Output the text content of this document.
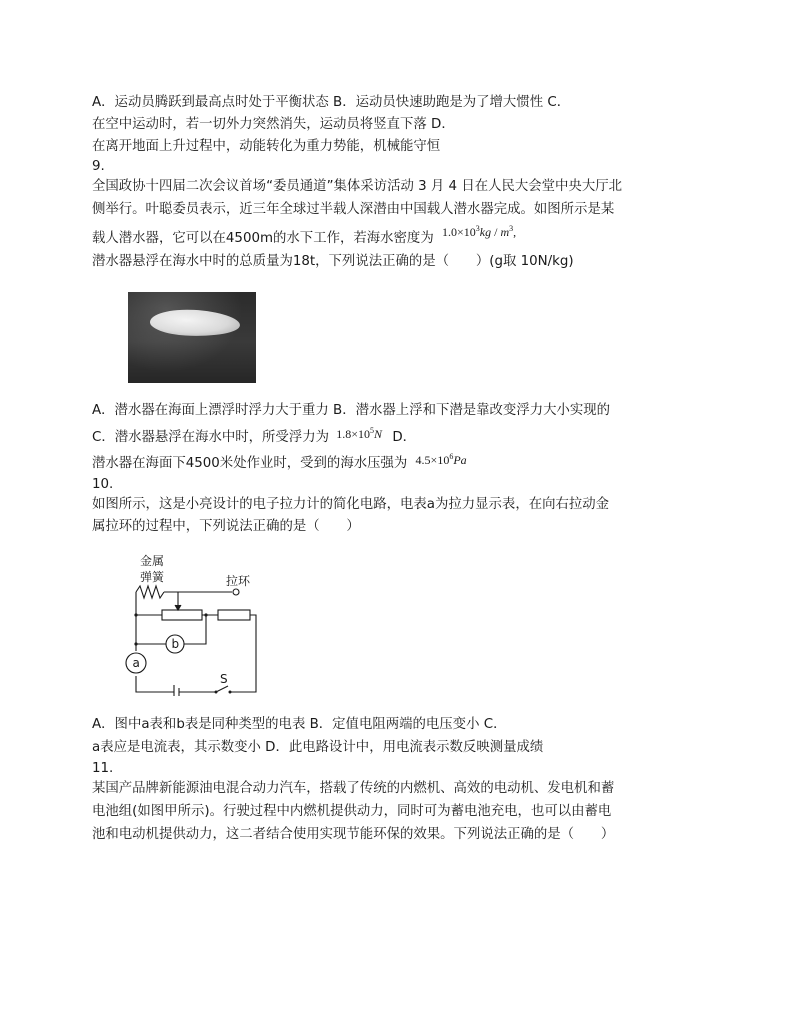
A．运动员腾跃到最高点时处于平衡状态 B．运动员快速助跑是为了增大惯性 C．
在空中运动时，若一切外力突然消失，运动员将竖直下落 D．
在离开地面上升过程中，动能转化为重力势能，机械能守恒
9.
全国政协十四届二次会议首场“委员通道”集体采访活动 3 月 4 日在人民大会堂中央大厅北
侧举行。叶聪委员表示，近三年全球过半载人深潜由中国载人潜水器完成。如图所示是某
载人潜水器，它可以在4500m的水下工作，若海水密度为 $1.0\times 10^3kg / m^3$,
潜水器悬浮在海水中时的总质量为18t，下列说法正确的是（　　）(g取 10N/kg)
A．潜水器在海面上漂浮时浮力大于重力 B．潜水器上浮和下潜是靠改变浮力大小实现的
C．潜水器悬浮在海水中时，所受浮力为 $1.8\times 10^5N$ D．
潜水器在海面下4500米处作业时，受到的海水压强为 $4.5\times 10^6Pa$
10.
如图所示，这是小亮设计的电子拉力计的简化电路，电表a为拉力显示表，在向右拉动金
属拉环的过程中，下列说法正确的是（　　）
金属
弹簧	拉环
b
a
S
A．图中a表和b表是同种类型的电表 B．定值电阻两端的电压变小 C．
a表应是电流表，其示数变小 D．此电路设计中，用电流表示数反映测量成绩
11.
某国产品牌新能源油电混合动力汽车，搭载了传统的内燃机、高效的电动机、发电机和蓄
电池组(如图甲所示)。行驶过程中内燃机提供动力，同时可为蓄电池充电，也可以由蓄电
池和电动机提供动力，这二者结合使用实现节能环保的效果。下列说法正确的是（　　）
